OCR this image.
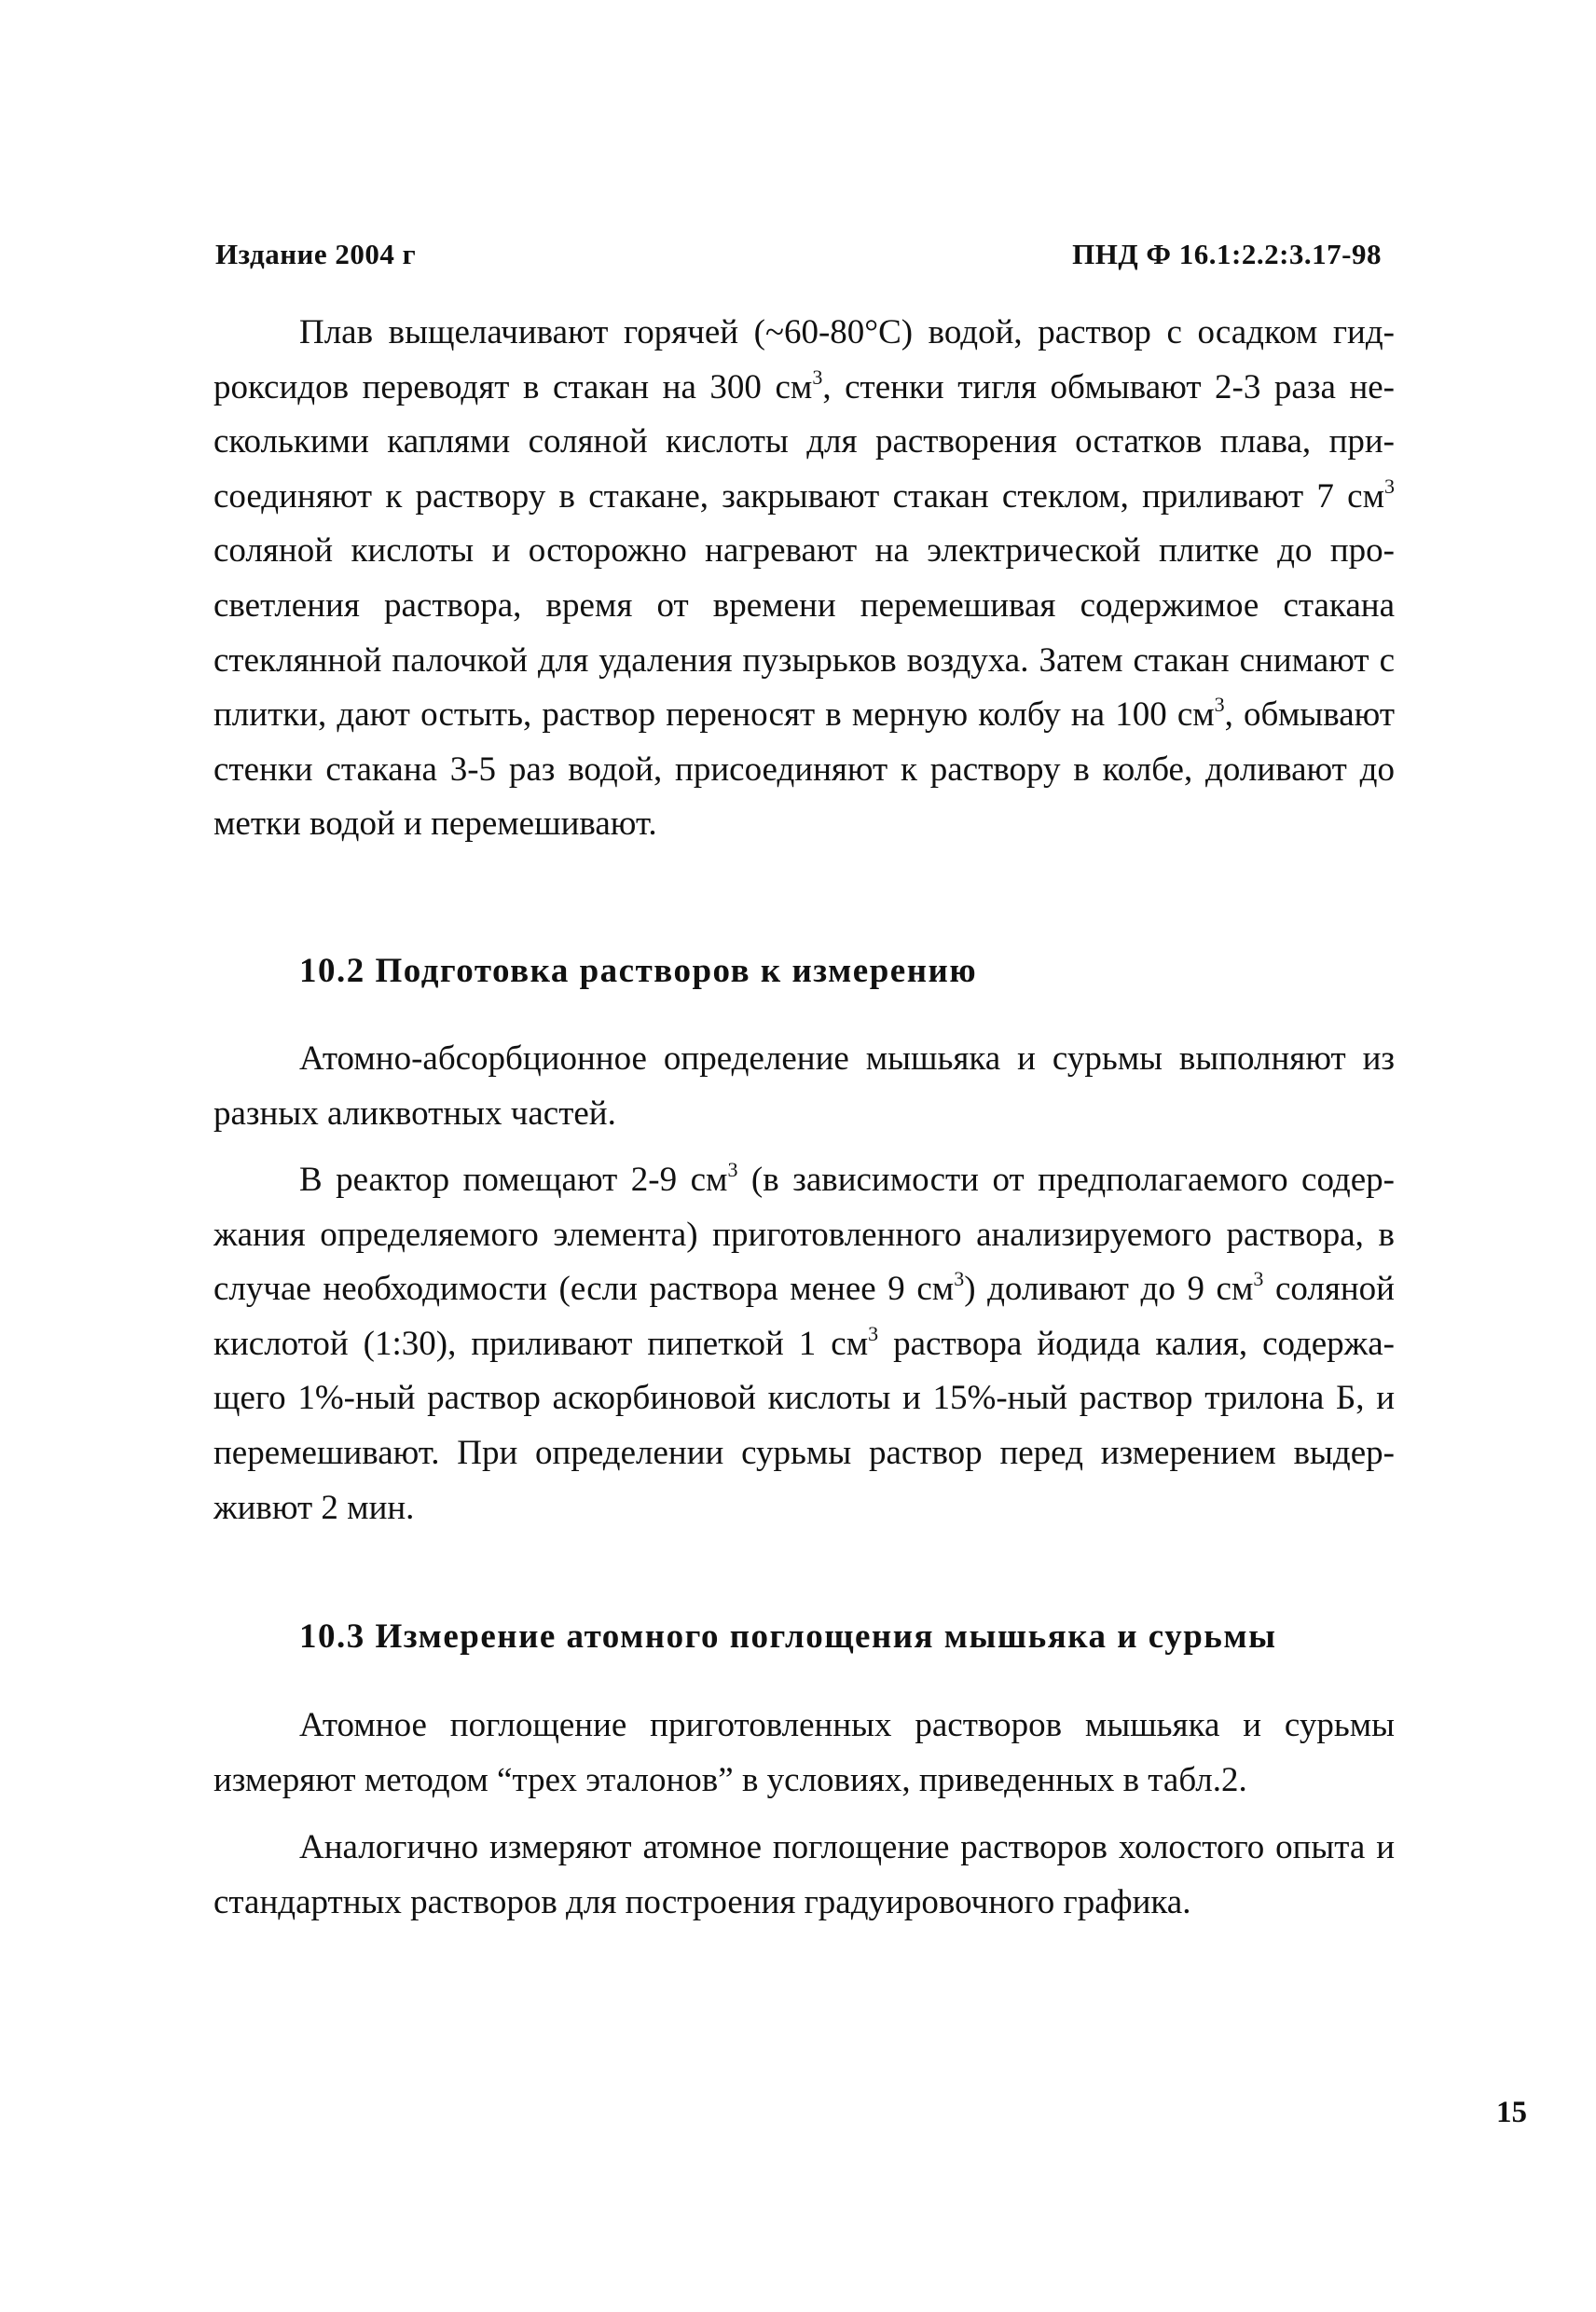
Издание 2004 г	ПНД Ф 16.1:2.2:3.17-98

Плав выщелачивают горячей (~60-80°С) водой, раствор с осадком гидроксидов переводят в стакан на 300 $см^3$, стенки тигля обмывают 2-3 раза несколькими каплями соляной кислоты для растворения остатков плава, присоединяют к раствору в стакане, закрывают стакан стеклом, приливают 7 $см^3$ соляной кислоты и осторожно нагревают на электрической плитке до просветления раствора, время от времени перемешивая содержимое стакана стеклянной палочкой для удаления пузырьков воздуха. Затем стакан снимают с плитки, дают остыть, раствор переносят в мерную колбу на 100 $см^3$, обмывают стенки стакана 3-5 раз водой, присоединяют к раствору в колбе, доливают до метки водой и перемешивают.

10.2 Подготовка растворов к измерению

Атомно-абсорбционное определение мышьяка и сурьмы выполняют из разных аликвотных частей.

В реактор помещают 2-9 $см^3$ (в зависимости от предполагаемого содержания определяемого элемента) приготовленного анализируемого раствора, в случае необходимости (если раствора менее 9 $см^3$) доливают до 9 $см^3$ соляной кислотой (1:30), приливают пипеткой 1 $см^3$ раствора йодида калия, содержащего 1%-ный раствор аскорбиновой кислоты и 15%-ный раствор трилона Б, и перемешивают. При определении сурьмы раствор перед измерением выдерживют 2 мин.

10.3 Измерение атомного поглощения мышьяка и сурьмы

Атомное поглощение приготовленных растворов мышьяка и сурьмы измеряют методом “трех эталонов” в условиях, приведенных в табл.2.

Аналогично измеряют атомное поглощение растворов холостого опыта и стандартных растворов для построения градуировочного графика.

15
